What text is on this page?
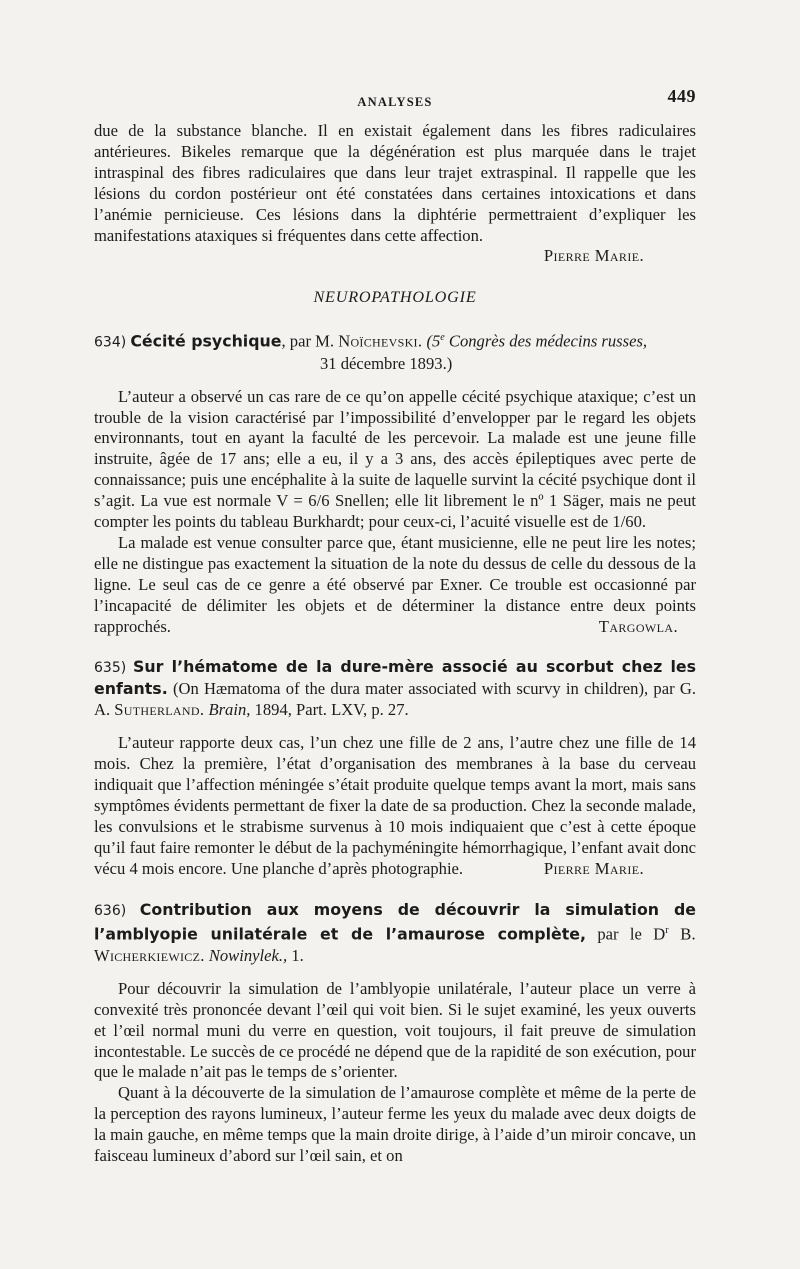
ANALYSES	449

due de la substance blanche. Il en existait également dans les fibres radiculaires antérieures. Bikeles remarque que la dégénération est plus marquée dans le trajet intraspinal des fibres radiculaires que dans leur trajet extraspinal. Il rappelle que les lésions du cordon postérieur ont été constatées dans certaines intoxications et dans l’anémie pernicieuse. Ces lésions dans la diphtérie permettraient d’expliquer les manifestations ataxiques si fréquentes dans cette affection.

Pierre Marie.

NEUROPATHOLOGIE

634) Cécité psychique, par M. Noïchevski. (5e Congrès des médecins russes,

31 décembre 1893.)

L’auteur a observé un cas rare de ce qu’on appelle cécité psychique ataxique; c’est un trouble de la vision caractérisé par l’impossibilité d’envelopper par le regard les objets environnants, tout en ayant la faculté de les percevoir. La malade est une jeune fille instruite, âgée de 17 ans; elle a eu, il y a 3 ans, des accès épileptiques avec perte de connaissance; puis une encéphalite à la suite de laquelle survint la cécité psychique dont il s’agit. La vue est normale V = 6/6 Snellen; elle lit librement le nº 1 Säger, mais ne peut compter les points du tableau Burkhardt; pour ceux-ci, l’acuité visuelle est de 1/60.

La malade est venue consulter parce que, étant musicienne, elle ne peut lire les notes; elle ne distingue pas exactement la situation de la note du dessus de celle du dessous de la ligne. Le seul cas de ce genre a été observé par Exner. Ce trouble est occasionné par l’incapacité de délimiter les objets et de déterminer la distance entre deux points rapprochés.	Targowla.

635) Sur l’hématome de la dure-mère associé au scorbut chez les enfants. (On Hæmatoma of the dura mater associated with scurvy in children), par G. A. Sutherland. Brain, 1894, Part. LXV, p. 27.

L’auteur rapporte deux cas, l’un chez une fille de 2 ans, l’autre chez une fille de 14 mois. Chez la première, l’état d’organisation des membranes à la base du cerveau indiquait que l’affection méningée s’était produite quelque temps avant la mort, mais sans symptômes évidents permettant de fixer la date de sa production. Chez la seconde malade, les convulsions et le strabisme survenus à 10 mois indiquaient que c’est à cette époque qu’il faut faire remonter le début de la pachyméningite hémorrhagique, l’enfant avait donc vécu 4 mois encore. Une planche d’après photographie.	Pierre Marie.

636) Contribution aux moyens de découvrir la simulation de l’amblyopie unilatérale et de l’amaurose complète, par le $D^r$ B. Wicherkiewicz. Nowinylek., 1.

Pour découvrir la simulation de l’amblyopie unilatérale, l’auteur place un verre à convexité très prononcée devant l’œil qui voit bien. Si le sujet examiné, les yeux ouverts et l’œil normal muni du verre en question, voit toujours, il fait preuve de simulation incontestable. Le succès de ce procédé ne dépend que de la rapidité de son exécution, pour que le malade n’ait pas le temps de s’orienter.

Quant à la découverte de la simulation de l’amaurose complète et même de la perte de la perception des rayons lumineux, l’auteur ferme les yeux du malade avec deux doigts de la main gauche, en même temps que la main droite dirige, à l’aide d’un miroir concave, un faisceau lumineux d’abord sur l’œil sain, et on
